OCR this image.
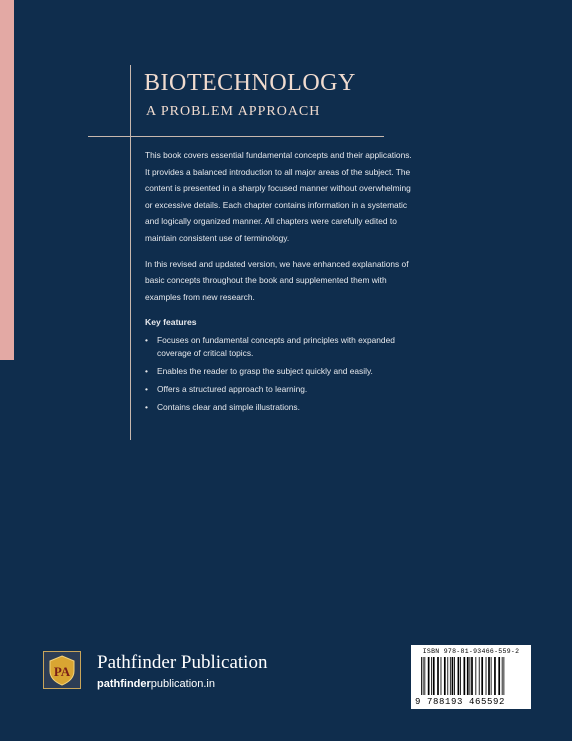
BIOTECHNOLOGY
A PROBLEM APPROACH

This book covers essential fundamental concepts and their applications. It provides a balanced introduction to all major areas of the subject. The content is presented in a sharply focused manner without overwhelming or excessive details. Each chapter contains information in a systematic and logically organized manner. All chapters were carefully edited to maintain consistent use of terminology.

In this revised and updated version, we have enhanced explanations of basic concepts throughout the book and supplemented them with examples from new research.

Key features
• Focuses on fundamental concepts and principles with expanded coverage of critical topics.
• Enables the reader to grasp the subject quickly and easily.
• Offers a structured approach to learning.
• Contains clear and simple illustrations.
PA Pathfinder Publication
pathfinderpublication.in
ISBN 978-81-93466-559-2
9 788193 465592
